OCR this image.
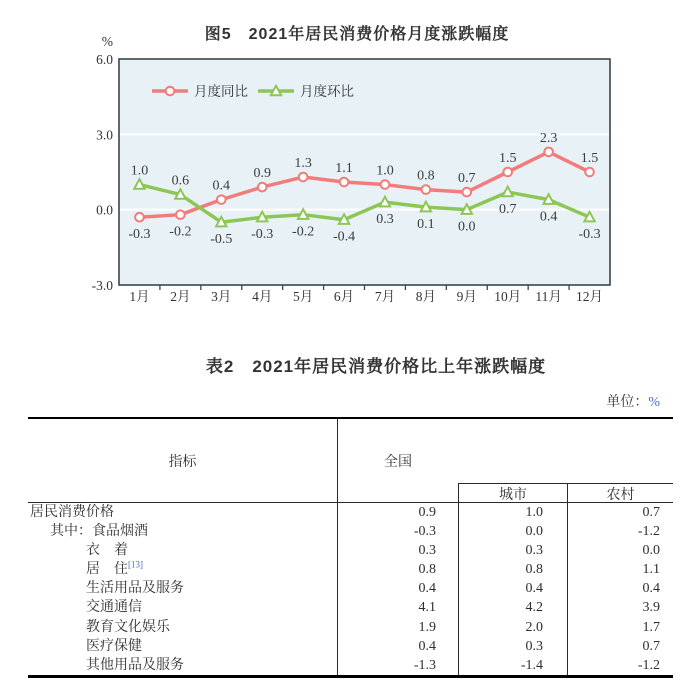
图5　2021年居民消费价格月度涨跌幅度
-0.3 -0.2
0.4
0.9
1.3 1.1 1.0 0.8 0.7
1.5
2.3
1.5
1.0
0.6
-0.5 -0.3 -0.2 -0.4
0.3 0.1 0.0
0.7
0.4
-0.3
6.0
3.0
0.0
-3.0
%
1月 2月 3月 4月 5月 6月 7月 8月 9月 10月 11月 12月
月度同比	月度环比
表2　2021年居民消费价格比上年涨跌幅度
单位：%
指标	全国
城市	农村
居民消费价格	0.9	1.0	0.7
其中：食品烟酒	-0.3	0.0	-1.2
衣　着	0.3	0.3	0.0
居　住[13]	0.8	0.8	1.1
生活用品及服务	0.4	0.4	0.4
交通通信	4.1	4.2	3.9
教育文化娱乐	1.9	2.0	1.7
医疗保健	0.4	0.3	0.7
其他用品及服务	-1.3	-1.4	-1.2
